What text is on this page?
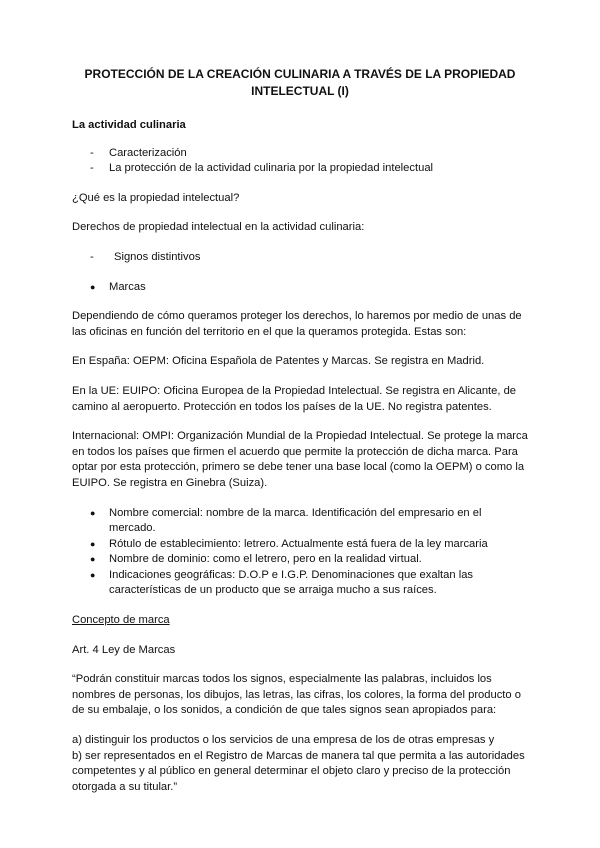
PROTECCIÓN DE LA CREACIÓN CULINARIA A TRAVÉS DE LA PROPIEDAD INTELECTUAL (I)
La actividad culinaria
- Caracterización
- La protección de la actividad culinaria por la propiedad intelectual
¿Qué es la propiedad intelectual?
Derechos de propiedad intelectual en la actividad culinaria:
- Signos distintivos
● Marcas
Dependiendo de cómo queramos proteger los derechos, lo haremos por medio de unas de las oficinas en función del territorio en el que la queramos protegida. Estas son:
En España: OEPM: Oficina Española de Patentes y Marcas. Se registra en Madrid.
En la UE: EUIPO: Oficina Europea de la Propiedad Intelectual. Se registra en Alicante, de camino al aeropuerto. Protección en todos los países de la UE. No registra patentes.
Internacional: OMPI: Organización Mundial de la Propiedad Intelectual. Se protege la marca en todos los países que firmen el acuerdo que permite la protección de dicha marca. Para optar por esta protección, primero se debe tener una base local (como la OEPM) o como la EUIPO. Se registra en Ginebra (Suiza).
● Nombre comercial: nombre de la marca. Identificación del empresario en el mercado.
● Rótulo de establecimiento: letrero. Actualmente está fuera de la ley marcaria
● Nombre de dominio: como el letrero, pero en la realidad virtual.
● Indicaciones geográficas: D.O.P e I.G.P. Denominaciones que exaltan las características de un producto que se arraiga mucho a sus raíces.
Concepto de marca
Art. 4 Ley de Marcas
“Podrán constituir marcas todos los signos, especialmente las palabras, incluidos los nombres de personas, los dibujos, las letras, las cifras, los colores, la forma del producto o de su embalaje, o los sonidos, a condición de que tales signos sean apropiados para:
a) distinguir los productos o los servicios de una empresa de los de otras empresas y
b) ser representados en el Registro de Marcas de manera tal que permita a las autoridades competentes y al público en general determinar el objeto claro y preciso de la protección otorgada a su titular.”
